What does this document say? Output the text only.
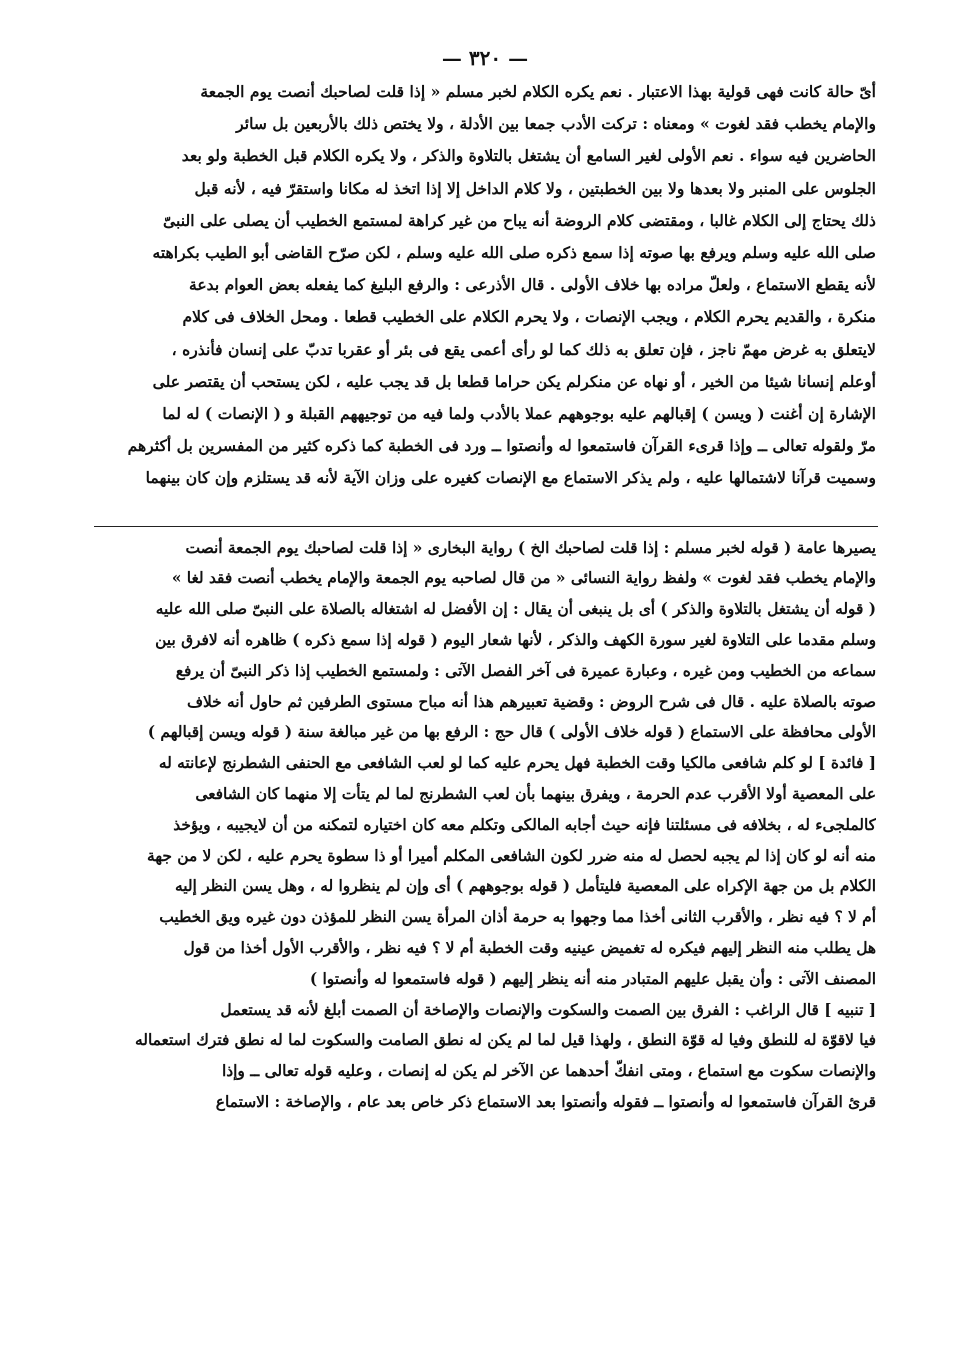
— ٣٢٠ —
أىّ حالة كانت فهى قولية بهذا الاعتبار . نعم يكره الكلام لخبر مسلم « إذا قلت لصاحبك أنصت يوم الجمعة
والإمام يخطب فقد لغوت » ومعناه : تركت الأدب جمعا بين الأدلة ، ولا يختص ذلك بالأربعين بل سائر
الحاضرين فيه سواء . نعم الأولى لغير السامع أن يشتغل بالتلاوة والذكر ، ولا يكره الكلام قبل الخطبة ولو بعد
الجلوس على المنبر ولا بعدها ولا بين الخطبتين ، ولا كلام الداخل إلا إذا اتخذ له مكانا واستقرّ فيه ، لأنه قبل
ذلك يحتاج إلى الكلام غالبا ، ومقتضى كلام الروضة أنه يباح من غير كراهة لمستمع الخطيب أن يصلى على النبىّ
صلى الله عليه وسلم ويرفع بها صوته إذا سمع ذكره صلى الله عليه وسلم ، لكن صرّح القاضى أبو الطيب بكراهته
لأنه يقطع الاستماع ، ولعلّ مراده بها خلاف الأولى . قال الأذرعى : والرفع البليغ كما يفعله بعض العوام بدعة
منكرة ، والقديم يحرم الكلام ، ويجب الإنصات ، ولا يحرم الكلام على الخطيب قطعا . ومحل الخلاف فى كلام
لايتعلق به غرض مهمّ ناجز ، فإن تعلق به ذلك كما لو رأى أعمى يقع فى بئر أو عقربا تدبّ على إنسان فأنذره ،
أوعلم إنسانا شيئا من الخير ، أو نهاه عن منكرلم يكن حراما قطعا بل قد يجب عليه ، لكن يستحب أن يقتصر على
الإشارة إن أغنت ( ويسن ) إقبالهم عليه بوجوههم عملا بالأدب ولما فيه من توجيههم القبلة و ( الإنصات ) له لما
مرّ ولقوله تعالى ــ وإذا قرىء القرآن فاستمعوا له وأنصتوا ــ ورد فى الخطبة كما ذكره كثير من المفسرين بل أكثرهم
وسميت قرآنا لاشتمالها عليه ، ولم يذكر الاستماع مع الإنصات كغيره على وزان الآية لأنه قد يستلزم وإن كان بينهما
يصيرها عامة ( قوله لخبر مسلم : إذا قلت لصاحبك الخ ) رواية البخارى « إذا قلت لصاحبك يوم الجمعة أنصت
والإمام يخطب فقد لغوت » ولفظ رواية النسائى « من قال لصاحبه يوم الجمعة والإمام يخطب أنصت فقد لغا »
( قوله أن يشتغل بالتلاوة والذكر ) أى بل ينبغى أن يقال : إن الأفضل له اشتغاله بالصلاة على النبىّ صلى الله عليه
وسلم مقدما على التلاوة لغير سورة الكهف والذكر ، لأنها شعار اليوم ( قوله إذا سمع ذكره ) ظاهره أنه لافرق بين
سماعه من الخطيب ومن غيره ، وعبارة عميرة فى آخر الفصل الآتى : ولمستمع الخطيب إذا ذكر النبىّ أن يرفع
صوته بالصلاة عليه . قال فى شرح الروض : وقضية تعبيرهم هذا أنه مباح مستوى الطرفين ثم حاول أنه خلاف
الأولى محافظة على الاستماع ( قوله خلاف الأولى ) قال حج : الرفع بها من غير مبالغة سنة ( قوله ويسن إقبالهم )
[ فائدة ] لو كلم شافعى مالكيا وقت الخطبة فهل يحرم عليه كما لو لعب الشافعى مع الحنفى الشطرنج لإعانته له
على المعصية أولا الأقرب عدم الحرمة ، ويفرق بينهما بأن لعب الشطرنج لما لم يتأت إلا منهما كان الشافعى
كالملجىء له ، بخلافه فى مسئلتنا فإنه حيث أجابه المالكى وتكلم معه كان اختياره لتمكنه من أن لايجيبه ، ويؤخذ
منه أنه لو كان إذا لم يجبه لحصل له منه ضرر لكون الشافعى المكلم أميرا أو ذا سطوة يحرم عليه ، لكن لا من جهة
الكلام بل من جهة الإكراه على المعصية فليتأمل ( قوله بوجوههم ) أى وإن لم ينظروا له ، وهل يسن النظر إليه
أم لا ؟ فيه نظر ، والأقرب الثانى أخذا مما وجهوا به حرمة أذان المرأة يسن النظر للمؤذن دون غيره ويق الخطيب
هل يطلب منه النظر إليهم فيكره له تغميض عينيه وقت الخطبة أم لا ؟ فيه نظر ، والأقرب الأول أخذا من قول
المصنف الآتى : وأن يقبل عليهم المتبادر منه أنه ينظر إليهم ( قوله فاستمعوا له وأنصتوا )
[ تنبيه ] قال الراغب : الفرق بين الصمت والسكوت والإنصات والإصاخة أن الصمت أبلغ لأنه قد يستعمل
فيا لاقوّة له للنطق وفيا له قوّة النطق ، ولهذا قيل لما لم يكن له نطق الصامت والسكوت لما له نطق فترك استعماله
والإنصات سكوت مع استماع ، ومتى انفكّ أحدهما عن الآخر لم يكن له إنصات ، وعليه قوله تعالى ــ وإذا
قرئ القرآن فاستمعوا له وأنصتوا ــ فقوله وأنصتوا بعد الاستماع ذكر خاص بعد عام ، والإصاخة : الاستماع
